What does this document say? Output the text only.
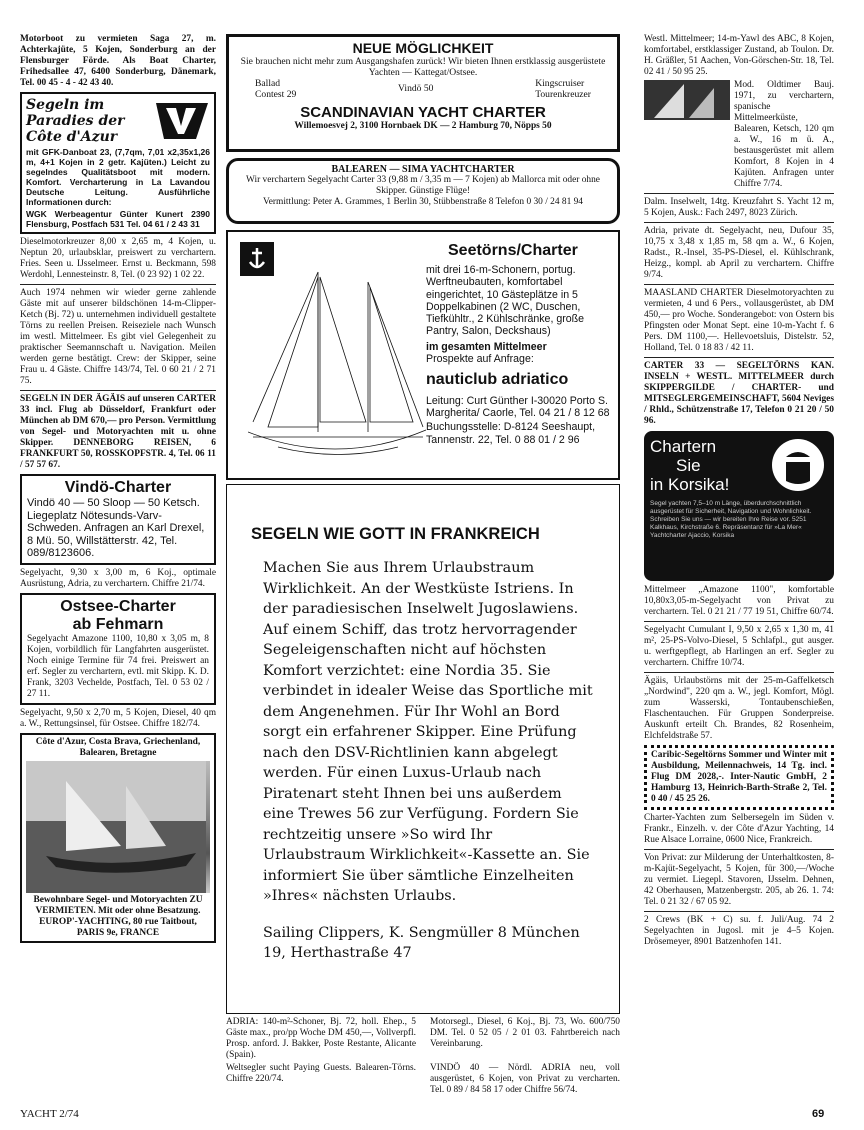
Motorboot zu vermieten Saga 27, m. Achterkajüte, 5 Kojen, Sonderburg an der Flensburger Förde. Als Boat Charter, Frihedsallee 47, 6400 Sonderburg, Dänemark, Tel. 00 45 - 4 - 42 43 40.

Segeln im Paradies der Côte d'Azur

mit GFK-Danboat 23, (7,7qm, 7,01 x2,35x1,26 m, 4+1 Kojen in 2 getr. Kajüten.) Leicht zu segelndes Qualitätsboot mit modern. Komfort. Vercharterung in La Lavandou Deutsche Leitung. Ausführliche Informationen durch:

WGK Werbeagentur Günter Kunert 2390 Flensburg, Postfach 531 Tel. 04 61 / 2 43 31

Dieselmotorkreuzer 8,00 x 2,65 m, 4 Kojen, u. Neptun 20, urlaubsklar, preiswert zu verchartern. Fries. Seen u. IJsselmeer. Ernst u. Beckmann, 598 Werdohl, Lennesteinstr. 8, Tel. (0 23 92) 1 02 22.

Auch 1974 nehmen wir wieder gerne zahlende Gäste mit auf unserer bildschönen 14-m-Clipper-Ketch (Bj. 72) u. unternehmen individuell gestaltete Törns zu reellen Preisen. Reiseziele nach Wunsch im westl. Mittelmeer. Es gibt viel Gelegenheit zu praktischer Seemannschaft u. Navigation. Meilen werden gerne bestätigt. Crew: der Skipper, seine Frau u. 4 Gäste. Chiffre 143/74, Tel. 0 60 21 / 2 71 75.

SEGELN IN DER ÄGÄIS auf unseren CARTER 33 incl. Flug ab Düsseldorf, Frankfurt oder München ab DM 670,— pro Person. Vermittlung von Segel- und Motoryachten mit u. ohne Skipper. DENNEBORG REISEN, 6 FRANKFURT 50, ROSSKOPFSTR. 4, Tel. 06 11 / 57 57 67.

Vindö-Charter

Vindö 40 — 50 Sloop — 50 Ketsch. Liegeplatz Nötesunds-Varv-Schweden. Anfragen an Karl Drexel, 8 Mü. 50, Willstätterstr. 42, Tel. 089/8123606.

Segelyacht, 9,30 x 3,00 m, 6 Koj., optimale Ausrüstung, Adria, zu verchartern. Chiffre 21/74.

Ostsee-Charter
ab Fehmarn

Segelyacht Amazone 1100, 10,80 x 3,05 m, 8 Kojen, vorbildlich für Langfahrten ausgerüstet. Noch einige Termine für 74 frei. Preiswert an erf. Segler zu verchartern, evtl. mit Skipp. K. D. Frank, 3203 Vechelde, Postfach, Tel. 0 53 02 / 27 11.

Segelyacht, 9,50 x 2,70 m, 5 Kojen, Diesel, 40 qm a. W., Rettungsinsel, für Ostsee. Chiffre 182/74.

Côte d'Azur, Costa Brava, Griechenland, Balearen, Bretagne

Bewohnbare Segel- und Motoryachten ZU VERMIETEN. Mit oder ohne Besatzung. EUROP'-YACHTING, 80 rue Taitbout, PARIS 9e, FRANCE

NEUE MÖGLICHKEIT

Sie brauchen nicht mehr zum Ausgangshafen zurück! Wir bieten Ihnen erstklassig ausgerüstete Yachten — Kattegat/Ostsee.

Ballad
Contest 29
Vindö 50	Kingscruiser
Tourenkreuzer
SCANDINAVIAN YACHT CHARTER

Willemoesvej 2, 3100 Hornbaek DK — 2 Hamburg 70, Nöpps 50

BALEAREN — SIMA YACHTCHARTER

Wir verchartern Segelyacht Carter 33 (9,88 m / 3,35 m — 7 Kojen) ab Mallorca mit oder ohne Skipper. Günstige Flüge!

Vermittlung: Peter A. Grammes, 1 Berlin 30, Stübbenstraße 8 Telefon 0 30 / 24 81 94

Seetörns/Charter

mit drei 16-m-Schonern, portug. Werftneubauten, komfortabel eingerichtet, 10 Gästeplätze in 5 Doppelkabinen (2 WC, Duschen, Tiefkühltr., 2 Kühlschränke, große Pantry, Salon, Deckshaus)

im gesamten Mittelmeer

Prospekte auf Anfrage:

nauticlub adriatico

Leitung: Curt Günther I-30020 Porto S. Margherita/ Caorle, Tel. 04 21 / 8 12 68

Buchungsstelle: D-8124 Seeshaupt, Tannenstr. 22, Tel. 0 88 01 / 2 96

SEGELN WIE GOTT IN FRANKREICH

Machen Sie aus Ihrem Urlaubstraum Wirklichkeit. An der Westküste Istriens. In der paradiesischen Inselwelt Jugoslawiens. Auf einem Schiff, das trotz hervorragender Segeleigenschaften nicht auf höchsten Komfort verzichtet: eine Nordia 35. Sie verbindet in idealer Weise das Sportliche mit dem Angenehmen. Für Ihr Wohl an Bord sorgt ein erfahrener Skipper. Eine Prüfung nach den DSV-Richtlinien kann abgelegt werden. Für einen Luxus-Urlaub nach Piratenart steht Ihnen bei uns außerdem eine Trewes 56 zur Verfügung. Fordern Sie rechtzeitig unsere »So wird Ihr Urlaubstraum Wirklichkeit«-Kassette an. Sie informiert Sie über sämtliche Einzelheiten »Ihres« nächsten Urlaubs.

Sailing Clippers, K. Sengmüller 8 München 19, Herthastraße 47

ADRIA: 140-m²-Schoner, Bj. 72, holl. Ehep., 5 Gäste max., pro/pp Woche DM 450,—, Vollverpfl. Prosp. anford. J. Bakker, Poste Restante, Alicante (Spain).

Motorsegl., Diesel, 6 Koj., Bj. 73, Wo. 600/750 DM. Tel. 0 52 05 / 2 01 03. Fahrtbereich nach Vereinbarung.

Weltsegler sucht Paying Guests. Balearen-Törns. Chiffre 220/74.

VINDÖ 40 — Nördl. ADRIA neu, voll ausgerüstet, 6 Kojen, von Privat zu vercharten. Tel. 0 89 / 84 58 17 oder Chiffre 56/74.

Westl. Mittelmeer; 14-m-Yawl des ABC, 8 Kojen, komfortabel, erstklassiger Zustand, ab Toulon. Dr. H. Gräßler, 51 Aachen, Von-Görschen-Str. 18, Tel. 02 41 / 50 95 25.

Mod. Oldtimer Bauj. 1971, zu verchartern, spanische Mittelmeerküste, Balearen, Ketsch, 120 qm a. W., 16 m ü. A., bestausgerüstet mit allem Komfort, 8 Kojen in 4 Kajüten. Anfragen unter Chiffre 7/74.

Dalm. Inselwelt, 14tg. Kreuzfahrt S. Yacht 12 m, 5 Kojen, Ausk.: Fach 2497, 8023 Zürich.

Adria, private dt. Segelyacht, neu, Dufour 35, 10,75 x 3,48 x 1,85 m, 58 qm a. W., 6 Kojen, Radst., R.-Insel, 35-PS-Diesel, el. Kühlschrank, Heizg., kompl. ab April zu verchartern. Chiffre 9/74.

MAASLAND CHARTER Dieselmotoryachten zu vermieten, 4 und 6 Pers., vollausgerüstet, ab DM 450,— pro Woche. Sonderangebot: von Ostern bis Pfingsten oder Monat Sept. eine 10-m-Yacht f. 6 Pers. DM 1100,—. Hellevoetsluis, Distelstr. 52, Holland, Tel. 0 18 83 / 42 11.

CARTER 33 — SEGELTÖRNS KAN. INSELN + WESTL. MITTELMEER durch SKIPPERGILDE / CHARTER- und MITSEGLERGEMEINSCHAFT, 5604 Neviges / Rhld., Schützenstraße 17, Telefon 0 21 20 / 50 96.

Chartern
Sie
in Korsika!

Segel yachten 7,5–10 m Länge, überdurchschnittlich ausgerüstet für Sicherheit, Navigation und Wohnlichkeit. Schreiben Sie uns — wir bereiten Ihre Reise vor. 5251 Kalkhaus, Kirchstraße 6. Repräsentanz für »La Mer« Yachtcharter Ajaccio, Korsika

Mittelmeer „Amazone 1100", komfortable 10,80x3,05-m-Segelyacht von Privat zu verchartern. Tel. 0 21 21 / 77 19 51, Chiffre 60/74.

Segelyacht Cumulant I, 9,50 x 2,65 x 1,30 m, 41 m², 25-PS-Volvo-Diesel, 5 Schlafpl., gut ausger. u. werftgepflegt, ab Harlingen an erf. Segler zu verchartern. Chiffre 10/74.

Ägäis, Urlaubstörns mit der 25-m-Gaffelketsch „Nordwind", 220 qm a. W., jegl. Komfort, Mögl. zum Wasserski, Tontaubenschießen, Flaschentauchen. Für Gruppen Sonderpreise. Auskunft erteilt Ch. Brandes, 82 Rosenheim, Elchfeldstraße 57.

Caribic-Segeltörns Sommer und Winter mit Ausbildung, Meilennachweis, 14 Tg. incl. Flug DM 2028,-. Inter-Nautic GmbH, 2 Hamburg 13, Heinrich-Barth-Straße 2, Tel. 0 40 / 45 25 26.

Charter-Yachten zum Selbersegeln im Süden v. Frankr., Einzelh. v. der Côte d'Azur Yachting, 14 Rue Alsace Lorraine, 0600 Nice, Frankreich.

Von Privat: zur Milderung der Unterhaltkosten, 8-m-Kajüt-Segelyacht, 5 Kojen, für 300,—/Woche zu vermiet. Liegepl. Stavoren, IJsselm. Dehnen, 42 Oberhausen, Matzenbergstr. 205, ab 26. 1. 74: Tel. 0 21 32 / 67 05 92.

2 Crews (BK + C) su. f. Juli/Aug. 74 2 Segelyachten in Jugosl. mit je 4–5 Kojen. Drösemeyer, 8901 Batzenhofen 141.

YACHT 2/74	69
